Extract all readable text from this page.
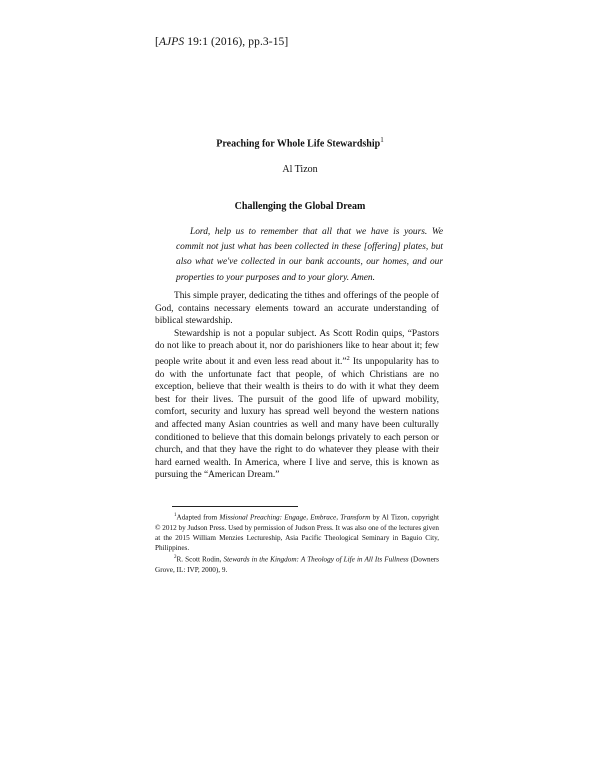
[AJPS 19:1 (2016), pp.3-15]
Preaching for Whole Life Stewardship$^1$
Al Tizon
Challenging the Global Dream

Lord, help us to remember that all that we have is yours. We commit not just what has been collected in these [offering] plates, but also what we've collected in our bank accounts, our homes, and our properties to your purposes and to your glory. Amen.

This simple prayer, dedicating the tithes and offerings of the people of God, contains necessary elements toward an accurate understanding of biblical stewardship.

Stewardship is not a popular subject. As Scott Rodin quips, “Pastors do not like to preach about it, nor do parishioners like to hear about it; few people write about it and even less read about it.”$^2$ Its unpopularity has to do with the unfortunate fact that people, of which Christians are no exception, believe that their wealth is theirs to do with it what they deem best for their lives. The pursuit of the good life of upward mobility, comfort, security and luxury has spread well beyond the western nations and affected many Asian countries as well and many have been culturally conditioned to believe that this domain belongs privately to each person or church, and that they have the right to do whatever they please with their hard earned wealth. In America, where I live and serve, this is known as pursuing the “American Dream.”

$^1$Adapted from Missional Preaching: Engage, Embrace, Transform by Al Tizon, copyright © 2012 by Judson Press. Used by permission of Judson Press. It was also one of the lectures given at the 2015 William Menzies Lectureship, Asia Pacific Theological Seminary in Baguio City, Philippines.

$^2$R. Scott Rodin, Stewards in the Kingdom: A Theology of Life in All Its Fullness (Downers Grove, IL: IVP, 2000), 9.
